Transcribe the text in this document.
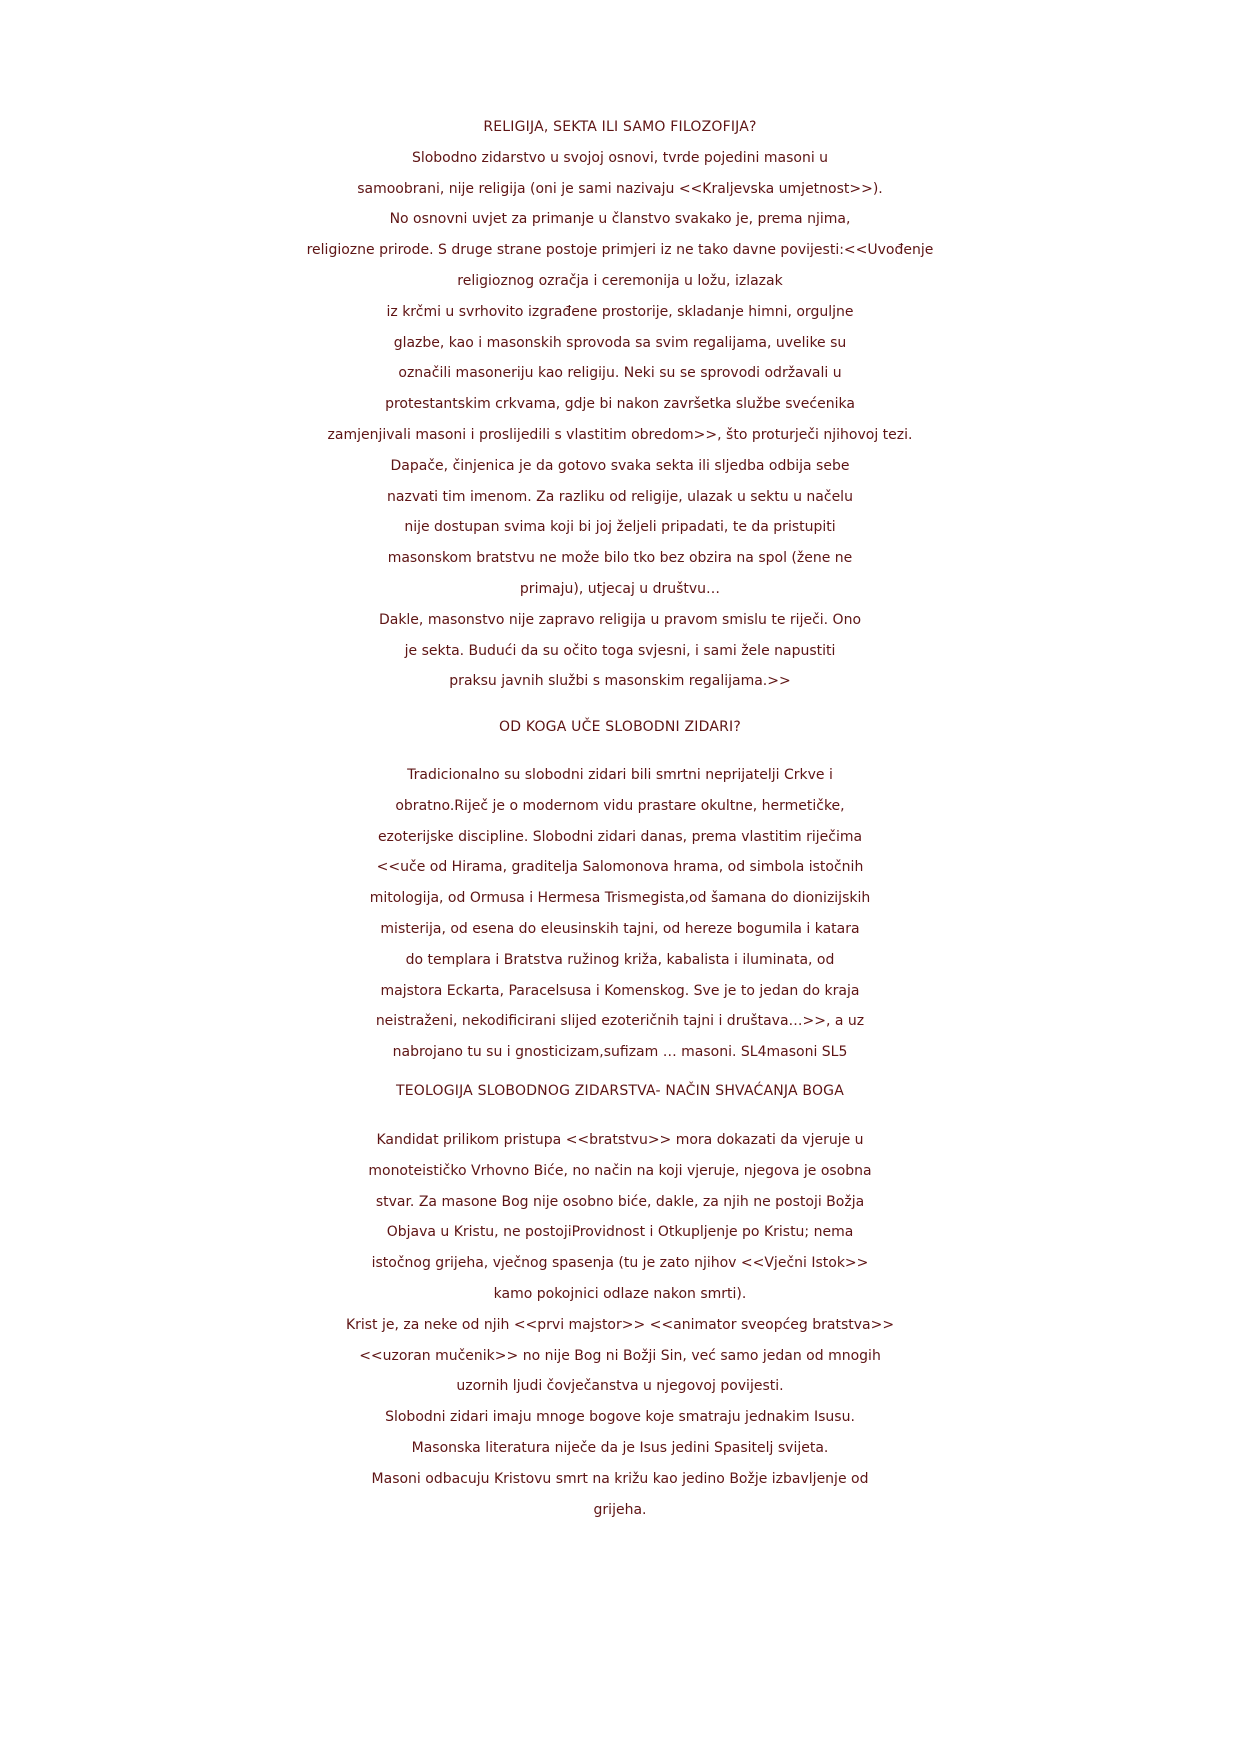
RELIGIJA, SEKTA ILI SAMO FILOZOFIJA?
Slobodno zidarstvo u svojoj osnovi, tvrde pojedini masoni u
samoobrani, nije religija (oni je sami nazivaju <<Kraljevska umjetnost>>).
No osnovni uvjet za primanje u članstvo svakako je, prema njima,
religiozne prirode. S druge strane postoje primjeri iz ne tako davne povijesti:<<Uvođenje
religioznog ozračja i ceremonija u ložu, izlazak
iz krčmi u svrhovito izgrađene prostorije, skladanje himni, orguljne
glazbe, kao i masonskih sprovoda sa svim regalijama, uvelike su
označili masoneriju kao religiju. Neki su se sprovodi održavali u
protestantskim crkvama, gdje bi nakon završetka službe svećenika
zamjenjivali masoni i proslijedili s vlastitim obredom>>, što proturječi njihovoj tezi.
Dapače, činjenica je da gotovo svaka sekta ili sljedba odbija sebe
nazvati tim imenom. Za razliku od religije, ulazak u sektu u načelu
nije dostupan svima koji bi joj željeli pripadati, te da pristupiti
masonskom bratstvu ne može bilo tko bez obzira na spol (žene ne
primaju), utjecaj u društvu…
Dakle, masonstvo nije zapravo religija u pravom smislu te riječi. Ono
je sekta. Budući da su očito toga svjesni, i sami žele napustiti
praksu javnih službi s masonskim regalijama.>>
OD KOGA UČE SLOBODNI ZIDARI?
Tradicionalno su slobodni zidari bili smrtni neprijatelji Crkve i
obratno.Riječ je o modernom vidu prastare okultne, hermetičke,
ezoterijske discipline. Slobodni zidari danas, prema vlastitim riječima
<<uče od Hirama, graditelja Salomonova hrama, od simbola istočnih
mitologija, od Ormusa i Hermesa Trismegista,od šamana do dionizijskih
misterija, od esena do eleusinskih tajni, od hereze bogumila i katara
do templara i Bratstva ružinog križa, kabalista i iluminata, od
majstora Eckarta, Paracelsusa i Komenskog. Sve je to jedan do kraja
neistraženi, nekodificirani slijed ezoteričnih tajni i društava…>>, a uz
nabrojano tu su i gnosticizam,sufizam … masoni. SL4masoni SL5
TEOLOGIJA SLOBODNOG ZIDARSTVA- NAČIN SHVAĆANJA BOGA
Kandidat prilikom pristupa <<bratstvu>> mora dokazati da vjeruje u
monoteističko Vrhovno Biće, no način na koji vjeruje, njegova je osobna
stvar. Za masone Bog nije osobno biće, dakle, za njih ne postoji Božja
Objava u Kristu, ne postojiProvidnost i Otkupljenje po Kristu; nema
istočnog grijeha, vječnog spasenja (tu je zato njihov <<Vječni Istok>>
kamo pokojnici odlaze nakon smrti).
Krist je, za neke od njih <<prvi majstor>> <<animator sveopćeg bratstva>>
<<uzoran mučenik>> no nije Bog ni Božji Sin, već samo jedan od mnogih
uzornih ljudi čovječanstva u njegovoj povijesti.
Slobodni zidari imaju mnoge bogove koje smatraju jednakim Isusu.
Masonska literatura niječe da je Isus jedini Spasitelj svijeta.
Masoni odbacuju Kristovu smrt na križu kao jedino Božje izbavljenje od
grijeha.
